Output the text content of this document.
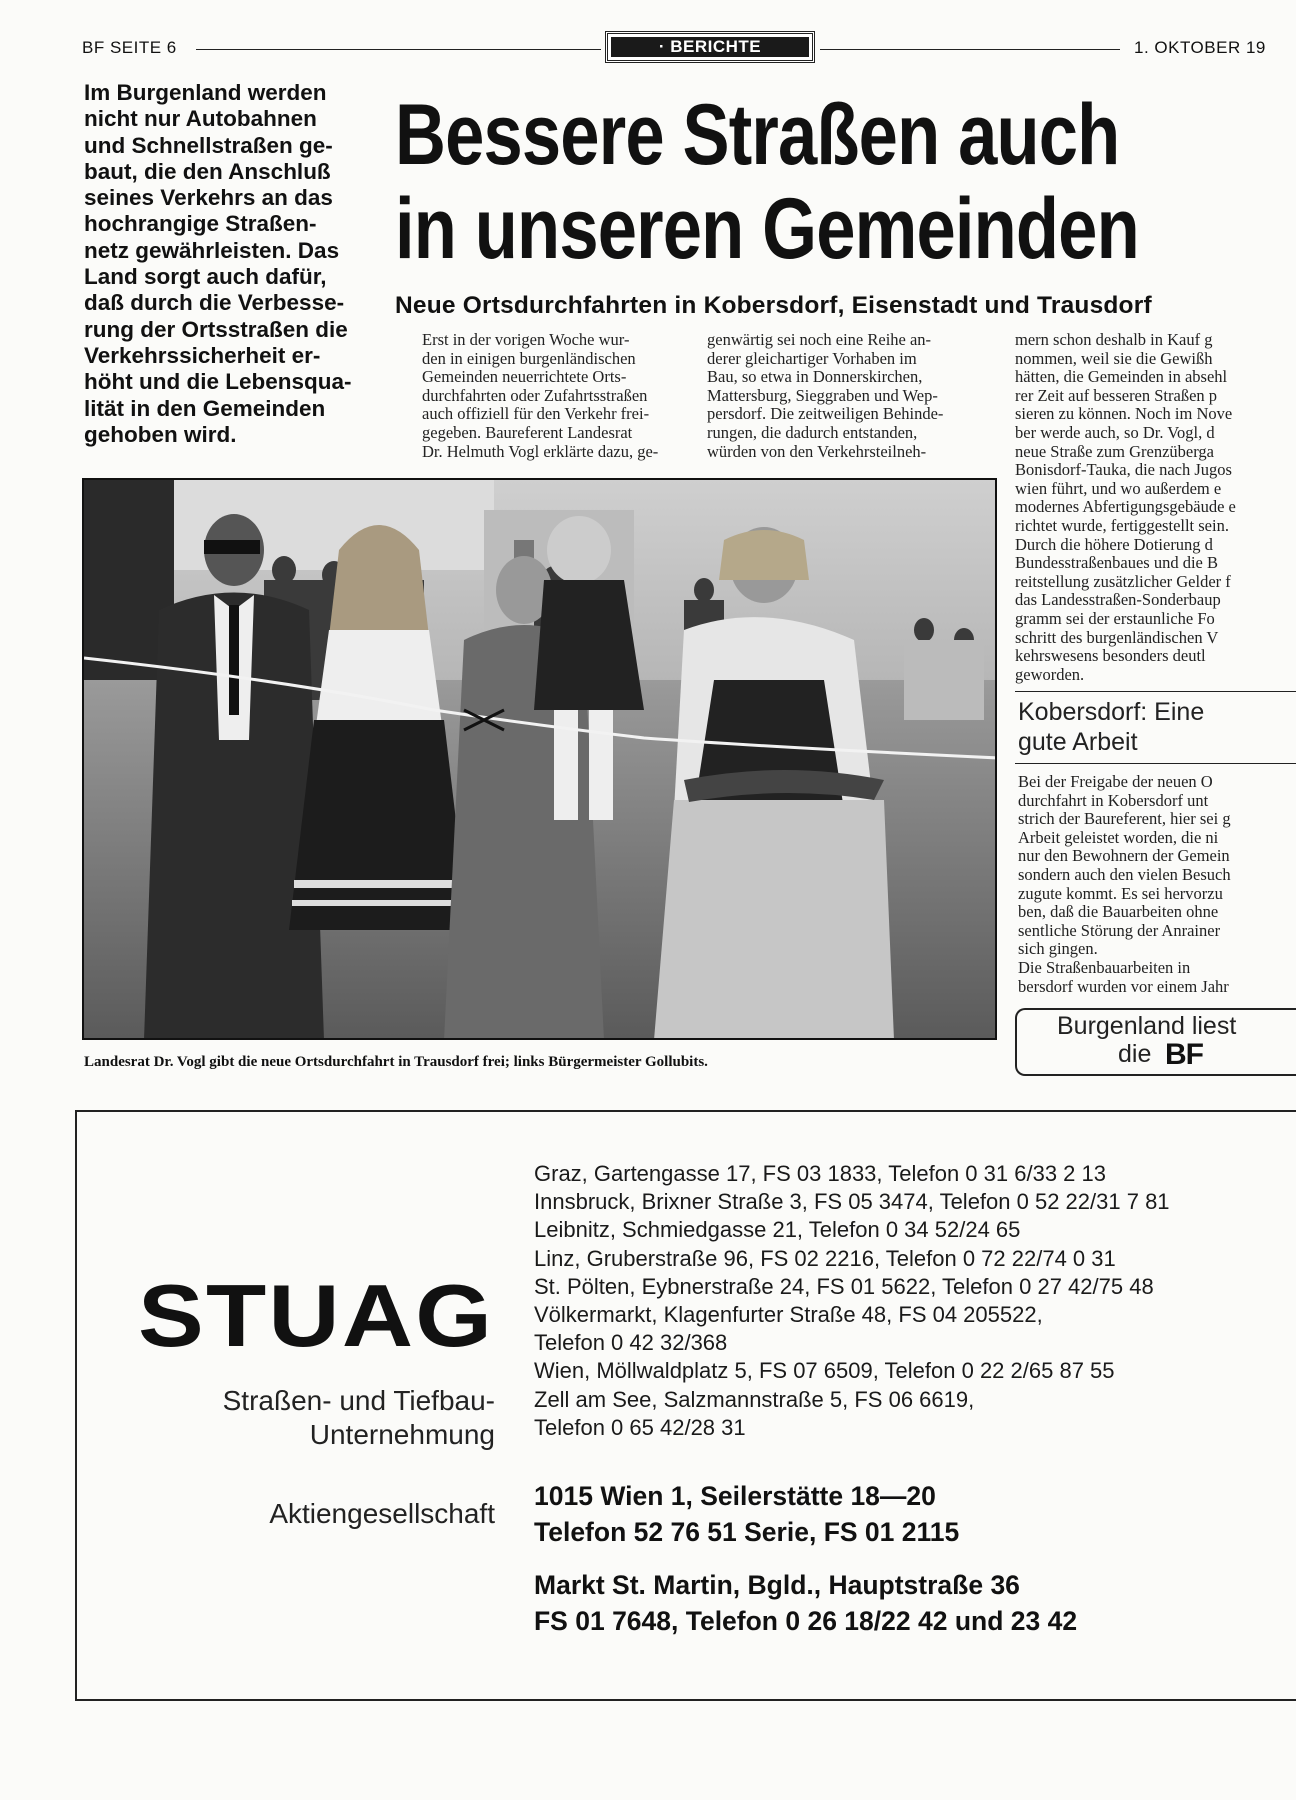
BF SEITE 6	· BERICHTE	1. OKTOBER 19
Im Burgenland werden
nicht nur Autobahnen
und Schnellstraßen ge-
baut, die den Anschluß
seines Verkehrs an das
hochrangige Straßen-
netz gewährleisten. Das
Land sorgt auch dafür,
daß durch die Verbesse-
rung der Ortsstraßen die
Verkehrssicherheit er-
höht und die Lebensqua-
lität in den Gemeinden
gehoben wird.
Bessere Straßen auch
in unseren Gemeinden
Neue Ortsdurchfahrten in Kobersdorf, Eisenstadt und Trausdorf
Erst in der vorigen Woche wur-
den in einigen burgenländischen
Gemeinden neuerrichtete Orts-
durchfahrten oder Zufahrtsstraßen
auch offiziell für den Verkehr frei-
gegeben. Baureferent Landesrat
Dr. Helmuth Vogl erklärte dazu, ge-
genwärtig sei noch eine Reihe an-
derer gleichartiger Vorhaben im
Bau, so etwa in Donnerskirchen,
Mattersburg, Sieggraben und Wep-
persdorf. Die zeitweiligen Behinde-
rungen, die dadurch entstanden,
würden von den Verkehrsteilneh-
mern schon deshalb in Kauf g
nommen, weil sie die Gewißh
hätten, die Gemeinden in absehl
rer Zeit auf besseren Straßen p
sieren zu können. Noch im Nove
ber werde auch, so Dr. Vogl, d
neue Straße zum Grenzüberga
Bonisdorf-Tauka, die nach Jugos
wien führt, und wo außerdem e
modernes Abfertigungsgebäude e
richtet wurde, fertiggestellt sein.
Durch die höhere Dotierung d
Bundesstraßenbaues und die B
reitstellung zusätzlicher Gelder f
das Landesstraßen-Sonderbaup
gramm sei der erstaunliche Fo
schritt des burgenländischen V
kehrswesens besonders deutl
geworden.
Landesrat Dr. Vogl gibt die neue Ortsdurchfahrt in Trausdorf frei; links Bürgermeister Gollubits.
Kobersdorf: Eine
gute Arbeit
Bei der Freigabe der neuen O
durchfahrt in Kobersdorf unt
strich der Baureferent, hier sei g
Arbeit geleistet worden, die ni
nur den Bewohnern der Gemein
sondern auch den vielen Besuch
zugute kommt. Es sei hervorzu
ben, daß die Bauarbeiten ohne
sentliche Störung der Anrainer
sich gingen.
Die Straßenbauarbeiten in
bersdorf wurden vor einem Jahr
Burgenland liest
die BF
STUAG
Straßen- und Tiefbau-
Unternehmung
Aktiengesellschaft
Graz, Gartengasse 17, FS 03 1833, Telefon 0 31 6/33 2 13
Innsbruck, Brixner Straße 3, FS 05 3474, Telefon 0 52 22/31 7 81
Leibnitz, Schmiedgasse 21, Telefon 0 34 52/24 65
Linz, Gruberstraße 96, FS 02 2216, Telefon 0 72 22/74 0 31
St. Pölten, Eybnerstraße 24, FS 01 5622, Telefon 0 27 42/75 48
Völkermarkt, Klagenfurter Straße 48, FS 04 205522,
Telefon 0 42 32/368
Wien, Möllwaldplatz 5, FS 07 6509, Telefon 0 22 2/65 87 55
Zell am See, Salzmannstraße 5, FS 06 6619,
Telefon 0 65 42/28 31
1015 Wien 1, Seilerstätte 18—20
Telefon 52 76 51 Serie, FS 01 2115
Markt St. Martin, Bgld., Hauptstraße 36
FS 01 7648, Telefon 0 26 18/22 42 und 23 42
